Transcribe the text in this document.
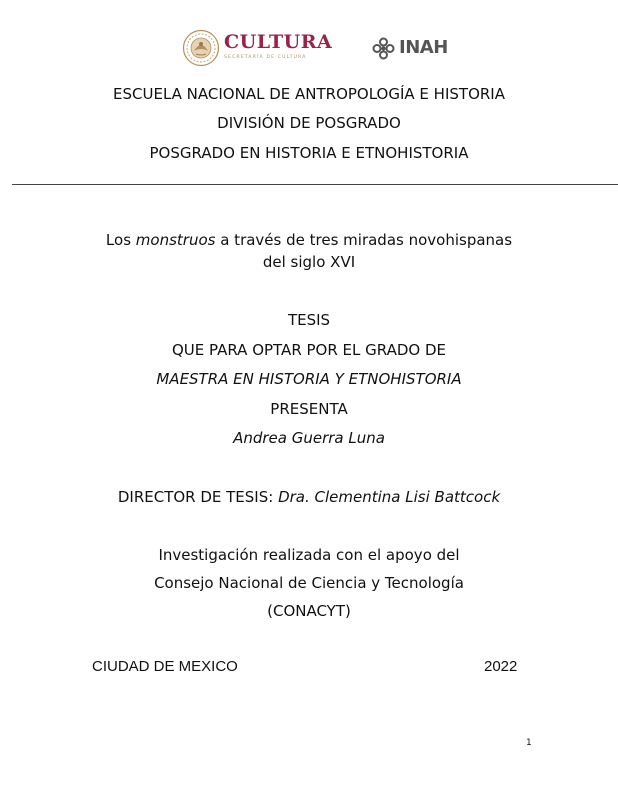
CULTURA
SECRETARÍA DE CULTURA	INAH
ESCUELA NACIONAL DE ANTROPOLOGÍA E HISTORIA
DIVISIÓN DE POSGRADO
POSGRADO EN HISTORIA E ETNOHISTORIA
Los monstruos a través de tres miradas novohispanas
del siglo XVI
TESIS
QUE PARA OPTAR POR EL GRADO DE
MAESTRA EN HISTORIA Y ETNOHISTORIA
PRESENTA
Andrea Guerra Luna
DIRECTOR DE TESIS: Dra. Clementina Lisi Battcock
Investigación realizada con el apoyo del
Consejo Nacional de Ciencia y Tecnología
(CONACYT)
CIUDAD DE MEXICO	2022
1
